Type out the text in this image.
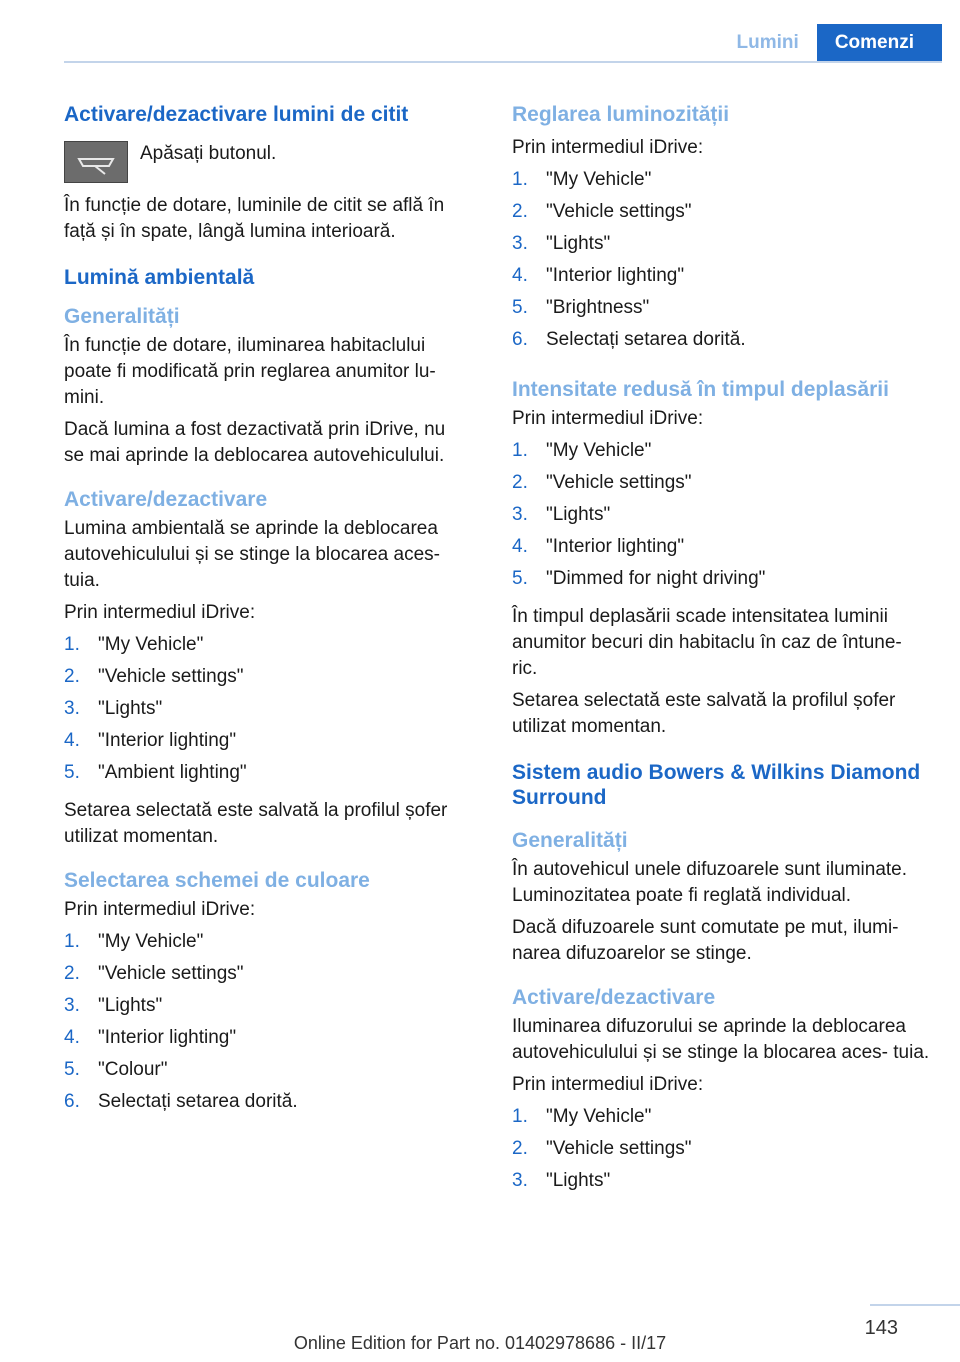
Lumini	Comenzi
Activare/dezactivare lumini de citit

Apăsați butonul.

În funcție de dotare, luminile de citit se află în față și în spate, lângă lumina interioară.

Lumină ambientală
Generalități

În funcție de dotare, iluminarea habitaclului poate fi modificată prin reglarea anumitor lu- mini.

Dacă lumina a fost dezactivată prin iDrive, nu se mai aprinde la deblocarea autovehiculului.

Activare/dezactivare

Lumina ambientală se aprinde la deblocarea autovehiculului și se stinge la blocarea aces- tuia.

Prin intermediul iDrive:

1. "My Vehicle"
2. "Vehicle settings"
3. "Lights"
4. "Interior lighting"
5. "Ambient lighting"

Setarea selectată este salvată la profilul șofer utilizat momentan.

Selectarea schemei de culoare

Prin intermediul iDrive:

1. "My Vehicle"
2. "Vehicle settings"
3. "Lights"
4. "Interior lighting"
5. "Colour"
6. Selectați setarea dorită.
Reglarea luminozității

Prin intermediul iDrive:

1. "My Vehicle"
2. "Vehicle settings"
3. "Lights"
4. "Interior lighting"
5. "Brightness"
6. Selectați setarea dorită.
Intensitate redusă în timpul deplasării

Prin intermediul iDrive:

1. "My Vehicle"
2. "Vehicle settings"
3. "Lights"
4. "Interior lighting"
5. "Dimmed for night driving"

În timpul deplasării scade intensitatea luminii anumitor becuri din habitaclu în caz de întune- ric.

Setarea selectată este salvată la profilul șofer utilizat momentan.

Sistem audio Bowers & Wilkins Diamond Surround
Generalități

În autovehicul unele difuzoarele sunt iluminate. Luminozitatea poate fi reglată individual.

Dacă difuzoarele sunt comutate pe mut, ilumi- narea difuzoarelor se stinge.

Activare/dezactivare

Iluminarea difuzorului se aprinde la deblocarea autovehiculului și se stinge la blocarea aces- tuia.

Prin intermediul iDrive:

1. "My Vehicle"
2. "Vehicle settings"
3. "Lights"
143
Online Edition for Part no. 01402978686 - II/17
